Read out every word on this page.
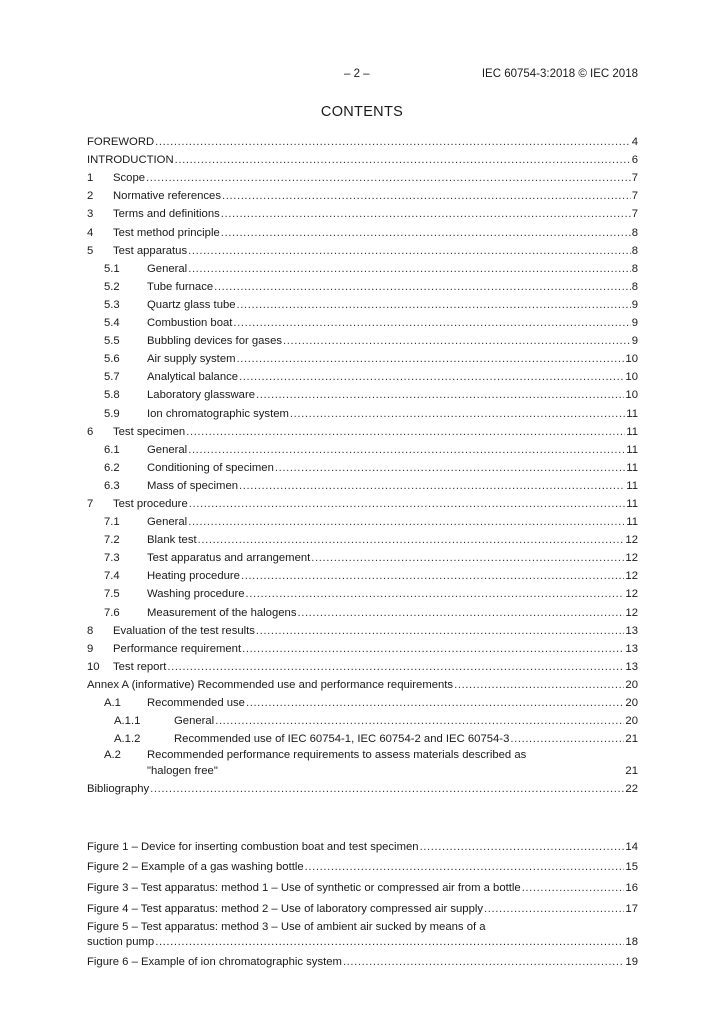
– 2 –	IEC 60754-3:2018 © IEC 2018
CONTENTS
FOREWORD .....	4
INTRODUCTION .....	6
1	Scope .....	7
2	Normative references .....	7
3	Terms and definitions .....	7
4	Test method principle .....	8
5	Test apparatus .....	8
5.1	General .....	8
5.2	Tube furnace .....	8
5.3	Quartz glass tube .....	9
5.4	Combustion boat .....	9
5.5	Bubbling devices for gases .....	9
5.6	Air supply system .....	10
5.7	Analytical balance .....	10
5.8	Laboratory glassware .....	10
5.9	Ion chromatographic system .....	11
6	Test specimen .....	11
6.1	General .....	11
6.2	Conditioning of specimen .....	11
6.3	Mass of specimen .....	11
7	Test procedure .....	11
7.1	General .....	11
7.2	Blank test .....	12
7.3	Test apparatus and arrangement .....	12
7.4	Heating procedure .....	12
7.5	Washing procedure .....	12
7.6	Measurement of the halogens .....	12
8	Evaluation of the test results .....	13
9	Performance requirement .....	13
10	Test report .....	13
Annex A (informative) Recommended use and performance requirements .....	20
A.1	Recommended use .....	20
A.1.1	General .....	20
A.1.2	Recommended use of IEC 60754-1, IEC 60754-2 and IEC 60754-3 .....	21
A.2	Recommended performance requirements to assess materials described as
"halogen free"	21
Bibliography .....	22
Figure 1 – Device for inserting combustion boat and test specimen .....	14
Figure 2 – Example of a gas washing bottle .....	15
Figure 3 – Test apparatus: method 1 – Use of synthetic or compressed air from a bottle .....	16
Figure 4 – Test apparatus: method 2 – Use of laboratory compressed air supply .....	17
Figure 5 – Test apparatus: method 3 – Use of ambient air sucked by means of a
suction pump .....	18
Figure 6 – Example of ion chromatographic system .....	19
